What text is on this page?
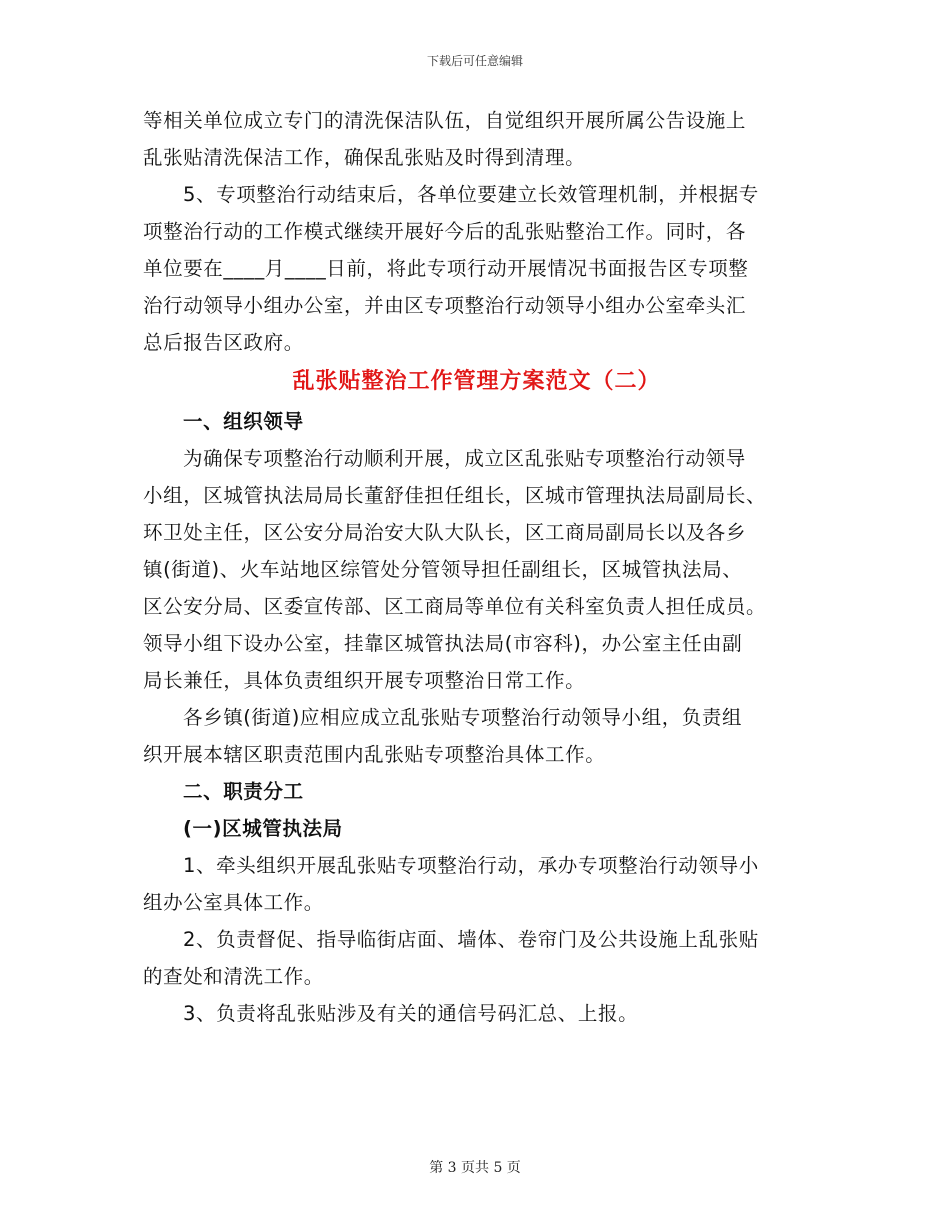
下载后可任意编辑
等相关单位成立专门的清洗保洁队伍，自觉组织开展所属公告设施上
乱张贴清洗保洁工作，确保乱张贴及时得到清理。
5、专项整治行动结束后，各单位要建立长效管理机制，并根据专
项整治行动的工作模式继续开展好今后的乱张贴整治工作。同时，各
单位要在____月____日前，将此专项行动开展情况书面报告区专项整
治行动领导小组办公室，并由区专项整治行动领导小组办公室牵头汇
总后报告区政府。
乱张贴整治工作管理方案范文（二）
一、组织领导
为确保专项整治行动顺利开展，成立区乱张贴专项整治行动领导
小组，区城管执法局局长董舒佳担任组长，区城市管理执法局副局长、
环卫处主任，区公安分局治安大队大队长，区工商局副局长以及各乡
镇(街道)、火车站地区综管处分管领导担任副组长，区城管执法局、
区公安分局、区委宣传部、区工商局等单位有关科室负责人担任成员。
领导小组下设办公室，挂靠区城管执法局(市容科)，办公室主任由副
局长兼任，具体负责组织开展专项整治日常工作。
各乡镇(街道)应相应成立乱张贴专项整治行动领导小组，负责组
织开展本辖区职责范围内乱张贴专项整治具体工作。
二、职责分工
(一)区城管执法局
1、牵头组织开展乱张贴专项整治行动，承办专项整治行动领导小
组办公室具体工作。
2、负责督促、指导临街店面、墙体、卷帘门及公共设施上乱张贴
的查处和清洗工作。
3、负责将乱张贴涉及有关的通信号码汇总、上报。
第 3 页共 5 页
